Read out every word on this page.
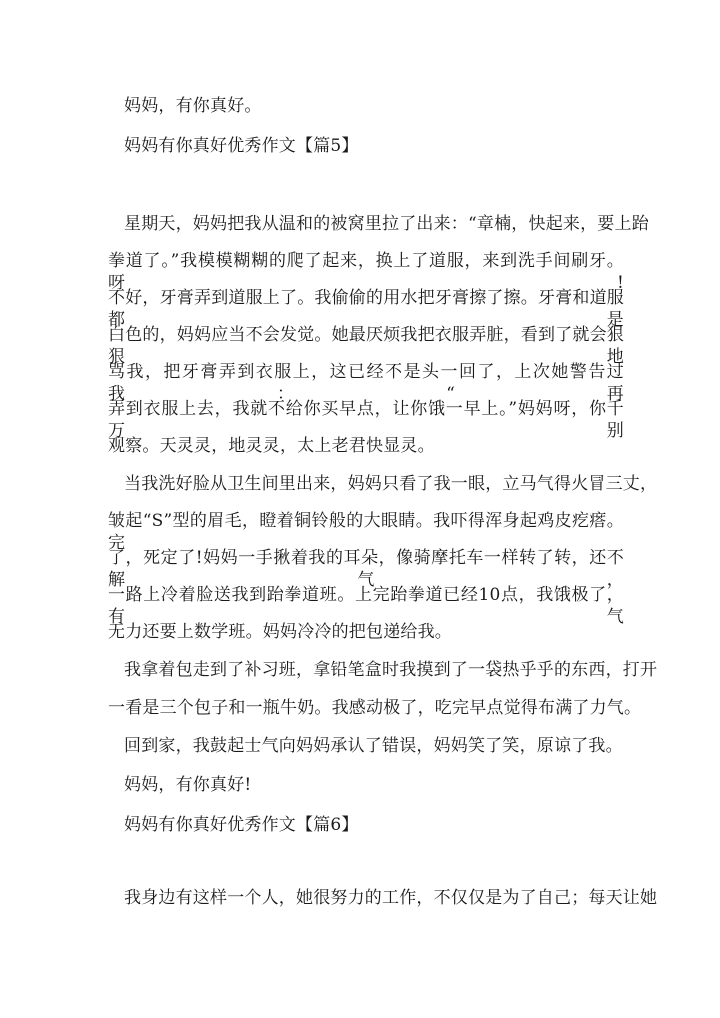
妈妈，有你真好。
妈妈有你真好优秀作文【篇5】
星期天，妈妈把我从温和的被窝里拉了出来：“章楠，快起来，要上跆
拳道了。”我模模糊糊的爬了起来，换上了道服，来到洗手间刷牙。呀!
不好，牙膏弄到道服上了。我偷偷的用水把牙膏擦了擦。牙膏和道服都是
白色的，妈妈应当不会发觉。她最厌烦我把衣服弄脏，看到了就会狠狠地
骂我，把牙膏弄到衣服上，这已经不是头一回了，上次她警告过我：“再
弄到衣服上去，我就不给你买早点，让你饿一早上。”妈妈呀，你千万别
观察。天灵灵，地灵灵，太上老君快显灵。
当我洗好脸从卫生间里出来，妈妈只看了我一眼，立马气得火冒三丈，
皱起“S”型的眉毛，瞪着铜铃般的大眼睛。我吓得浑身起鸡皮疙瘩。完
了，死定了!妈妈一手揪着我的耳朵，像骑摩托车一样转了转，还不解气，
一路上冷着脸送我到跆拳道班。上完跆拳道已经10点，我饿极了，有气
无力还要上数学班。妈妈冷冷的把包递给我。
我拿着包走到了补习班，拿铅笔盒时我摸到了一袋热乎乎的东西，打开
一看是三个包子和一瓶牛奶。我感动极了，吃完早点觉得布满了力气。
回到家，我鼓起士气向妈妈承认了错误，妈妈笑了笑，原谅了我。
妈妈，有你真好!
妈妈有你真好优秀作文【篇6】
我身边有这样一个人，她很努力的工作，不仅仅是为了自己；每天让她
